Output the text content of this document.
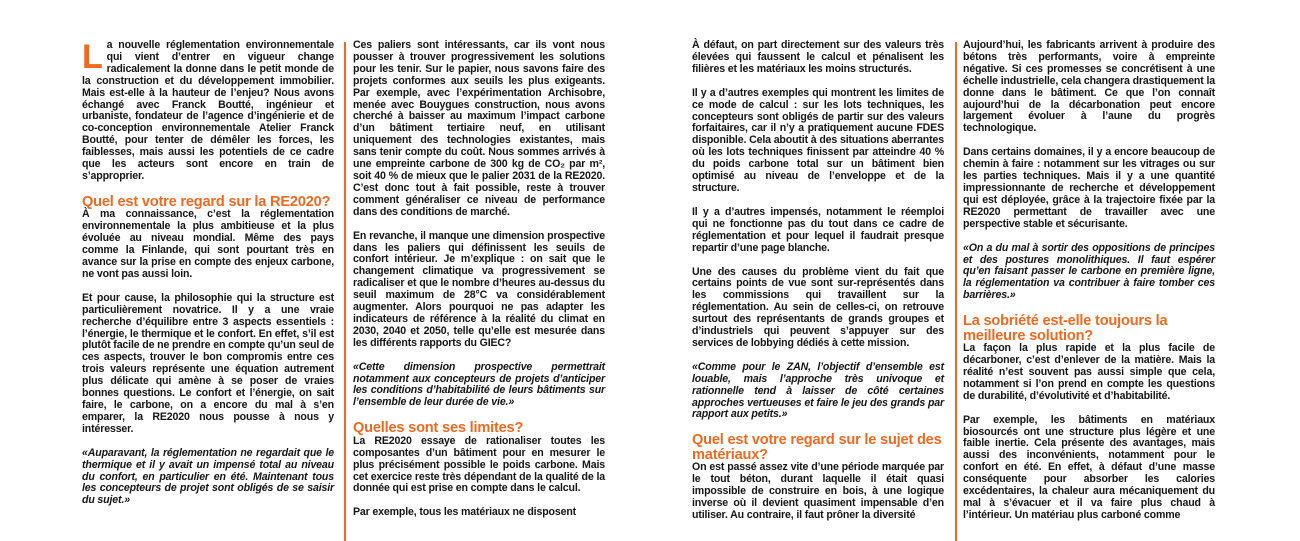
La nouvelle réglementation environnementale qui vient d’entrer en vigueur change radicalement la donne dans le petit monde de la construction et du développement immobilier. Mais est-elle à la hauteur de l’enjeu? Nous avons échangé avec Franck Boutté, ingénieur et urbaniste, fondateur de l’agence d’ingénierie et de co-conception environnementale Atelier Franck Boutté, pour tenter de démêler les forces, les faiblesses, mais aussi les potentiels de ce cadre que les acteurs sont encore en train de s’approprier.

Quel est votre regard sur la RE2020?

À ma connaissance, c’est la réglementation environnementale la plus ambitieuse et la plus évoluée au niveau mondial. Même des pays comme la Finlande, qui sont pourtant très en avance sur la prise en compte des enjeux carbone, ne vont pas aussi loin.

Et pour cause, la philosophie qui la structure est particulièrement novatrice. Il y a une vraie recherche d’équilibre entre 3 aspects essentiels : l’énergie, le thermique et le confort. En effet, s’il est plutôt facile de ne prendre en compte qu’un seul de ces aspects, trouver le bon compromis entre ces trois valeurs représente une équation autrement plus délicate qui amène à se poser de vraies bonnes questions. Le confort et l’énergie, on sait faire, le carbone, on a encore du mal à s’en emparer, la RE2020 nous pousse à nous y intéresser.

«Auparavant, la réglementation ne regardait que le thermique et il y avait un impensé total au niveau du confort, en particulier en été. Maintenant tous les concepteurs de projet sont obligés de se saisir du sujet.»

Ces paliers sont intéressants, car ils vont nous pousser à trouver progressivement les solutions pour les tenir. Sur le papier, nous savons faire des projets conformes aux seuils les plus exigeants. Par exemple, avec l’expérimentation Archisobre, menée avec Bouygues construction, nous avons cherché à baisser au maximum l’impact carbone d’un bâtiment tertiaire neuf, en utilisant uniquement des technologies existantes, mais sans tenir compte du coût. Nous sommes arrivés à une empreinte carbone de 300 kg de CO₂ par m², soit 40 % de mieux que le palier 2031 de la RE2020. C’est donc tout à fait possible, reste à trouver comment généraliser ce niveau de performance dans des conditions de marché.

En revanche, il manque une dimension prospective dans les paliers qui définissent les seuils de confort intérieur. Je m’explique : on sait que le changement climatique va progressivement se radicaliser et que le nombre d’heures au-dessus du seuil maximum de 28°C va considérablement augmenter. Alors pourquoi ne pas adapter les indicateurs de référence à la réalité du climat en 2030, 2040 et 2050, telle qu’elle est mesurée dans les différents rapports du GIEC?

«Cette dimension prospective permettrait notamment aux concepteurs de projets d’anticiper les conditions d’habitabilité de leurs bâtiments sur l’ensemble de leur durée de vie.»

Quelles sont ses limites?

La RE2020 essaye de rationaliser toutes les composantes d’un bâtiment pour en mesurer le plus précisément possible le poids carbone. Mais cet exercice reste très dépendant de la qualité de la donnée qui est prise en compte dans le calcul.

Par exemple, tous les matériaux ne disposent

À défaut, on part directement sur des valeurs très élevées qui faussent le calcul et pénalisent les filières et les matériaux les moins structurés.

Il y a d’autres exemples qui montrent les limites de ce mode de calcul : sur les lots techniques, les concepteurs sont obligés de partir sur des valeurs forfaitaires, car il n’y a pratiquement aucune FDES disponible. Cela aboutit à des situations aberrantes où les lots techniques finissent par atteindre 40 % du poids carbone total sur un bâtiment bien optimisé au niveau de l’enveloppe et de la structure.

Il y a d’autres impensés, notamment le réemploi qui ne fonctionne pas du tout dans ce cadre de réglementation et pour lequel il faudrait presque repartir d’une page blanche.

Une des causes du problème vient du fait que certains points de vue sont sur-représentés dans les commissions qui travaillent sur la réglementation. Au sein de celles-ci, on retrouve surtout des représentants de grands groupes et d’industriels qui peuvent s’appuyer sur des services de lobbying dédiés à cette mission.

«Comme pour le ZAN, l’objectif d’ensemble est louable, mais l’approche très univoque et rationnelle tend à laisser de côté certaines approches vertueuses et faire le jeu des grands par rapport aux petits.»

Quel est votre regard sur le sujet des matériaux?

On est passé assez vite d’une période marquée par le tout béton, durant laquelle il était quasi impossible de construire en bois, à une logique inverse où il devient quasiment impensable d’en utiliser. Au contraire, il faut prôner la diversité

Aujourd’hui, les fabricants arrivent à produire des bétons très performants, voire à empreinte négative. Si ces promesses se concrétisent à une échelle industrielle, cela changera drastiquement la donne dans le bâtiment. Ce que l’on connaît aujourd’hui de la décarbonation peut encore largement évoluer à l’aune du progrès technologique.

Dans certains domaines, il y a encore beaucoup de chemin à faire : notamment sur les vitrages ou sur les parties techniques. Mais il y a une quantité impressionnante de recherche et développement qui est déployée, grâce à la trajectoire fixée par la RE2020 permettant de travailler avec une perspective stable et sécurisante.

«On a du mal à sortir des oppositions de principes et des postures monolithiques. Il faut espérer qu’en faisant passer le carbone en première ligne, la réglementation va contribuer à faire tomber ces barrières.»

La sobriété est-elle toujours la meilleure solution?

La façon la plus rapide et la plus facile de décarboner, c’est d’enlever de la matière. Mais la réalité n’est souvent pas aussi simple que cela, notamment si l’on prend en compte les questions de durabilité, d’évolutivité et d’habitabilité.

Par exemple, les bâtiments en matériaux biosourcés ont une structure plus légère et une faible inertie. Cela présente des avantages, mais aussi des inconvénients, notamment pour le confort en été. En effet, à défaut d’une masse conséquente pour absorber les calories excédentaires, la chaleur aura mécaniquement du mal à s’évacuer et il va faire plus chaud à l’intérieur. Un matériau plus carboné comme
